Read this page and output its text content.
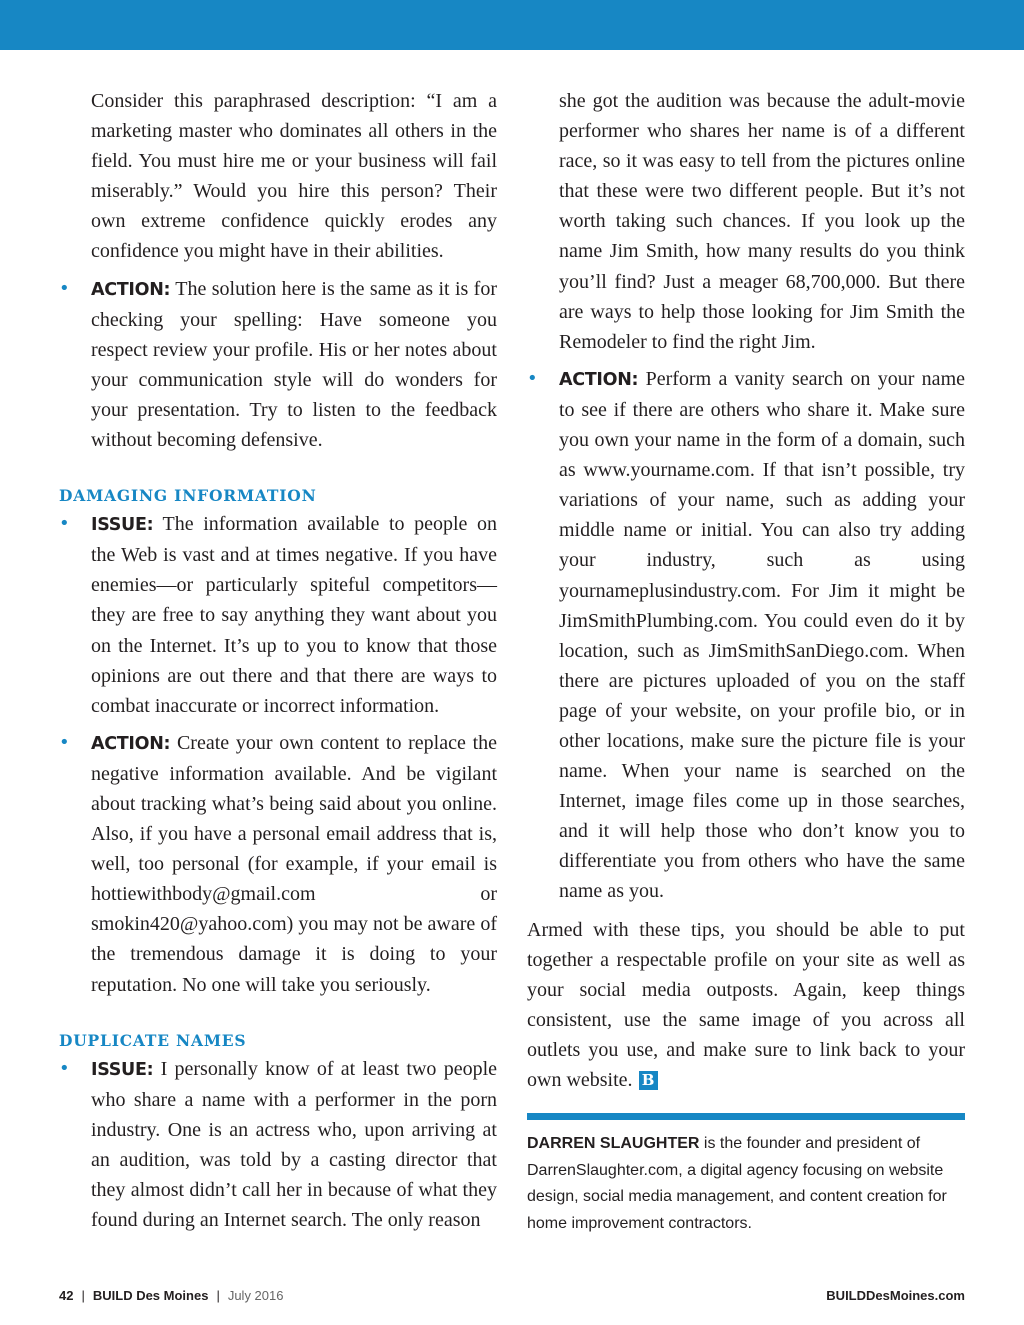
Consider this paraphrased description: “I am a marketing master who dominates all others in the field. You must hire me or your business will fail miserably.” Would you hire this person? Their own extreme confidence quickly erodes any confidence you might have in their abilities.

• ACTION: The solution here is the same as it is for checking your spelling: Have someone you respect review your profile. His or her notes about your communication style will do wonders for your presentation. Try to listen to the feedback without becoming defensive.
DAMAGING INFORMATION
• ISSUE: The information available to people on the Web is vast and at times negative. If you have enemies—or particularly spiteful competitors—they are free to say anything they want about you on the Internet. It’s up to you to know that those opinions are out there and that there are ways to combat inaccurate or incorrect information.
• ACTION: Create your own content to replace the negative information available. And be vigilant about tracking what’s being said about you online. Also, if you have a personal email address that is, well, too personal (for example, if your email is hottiewithbody@gmail.com or smokin420@yahoo.com) you may not be aware of the tremendous damage it is doing to your reputation. No one will take you seriously.
DUPLICATE NAMES
• ISSUE: I personally know of at least two people who share a name with a performer in the porn industry. One is an actress who, upon arriving at an audition, was told by a casting director that they almost didn’t call her in because of what they found during an Internet search. The only reason

she got the audition was because the adult-movie performer who shares her name is of a different race, so it was easy to tell from the pictures online that these were two different people. But it’s not worth taking such chances. If you look up the name Jim Smith, how many results do you think you’ll find? Just a meager 68,700,000. But there are ways to help those looking for Jim Smith the Remodeler to find the right Jim.

• ACTION: Perform a vanity search on your name to see if there are others who share it. Make sure you own your name in the form of a domain, such as www.yourname.com. If that isn’t possible, try variations of your name, such as adding your middle name or initial. You can also try adding your industry, such as using yournameplusindustry.com. For Jim it might be JimSmithPlumbing.com. You could even do it by location, such as JimSmithSanDiego.com. When there are pictures uploaded of you on the staff page of your website, on your profile bio, or in other locations, make sure the picture file is your name. When your name is searched on the Internet, image files come up in those searches, and it will help those who don’t know you to differentiate you from others who have the same name as you.

Armed with these tips, you should be able to put together a respectable profile on your site as well as your social media outposts. Again, keep things consistent, use the same image of you across all outlets you use, and make sure to link back to your own website. B

DARREN SLAUGHTER is the founder and president of DarrenSlaughter.com, a digital agency focusing on website design, social media management, and content creation for home improvement contractors.

42 | BUILD Des Moines | July 2016	BUILDDesMoines.com
